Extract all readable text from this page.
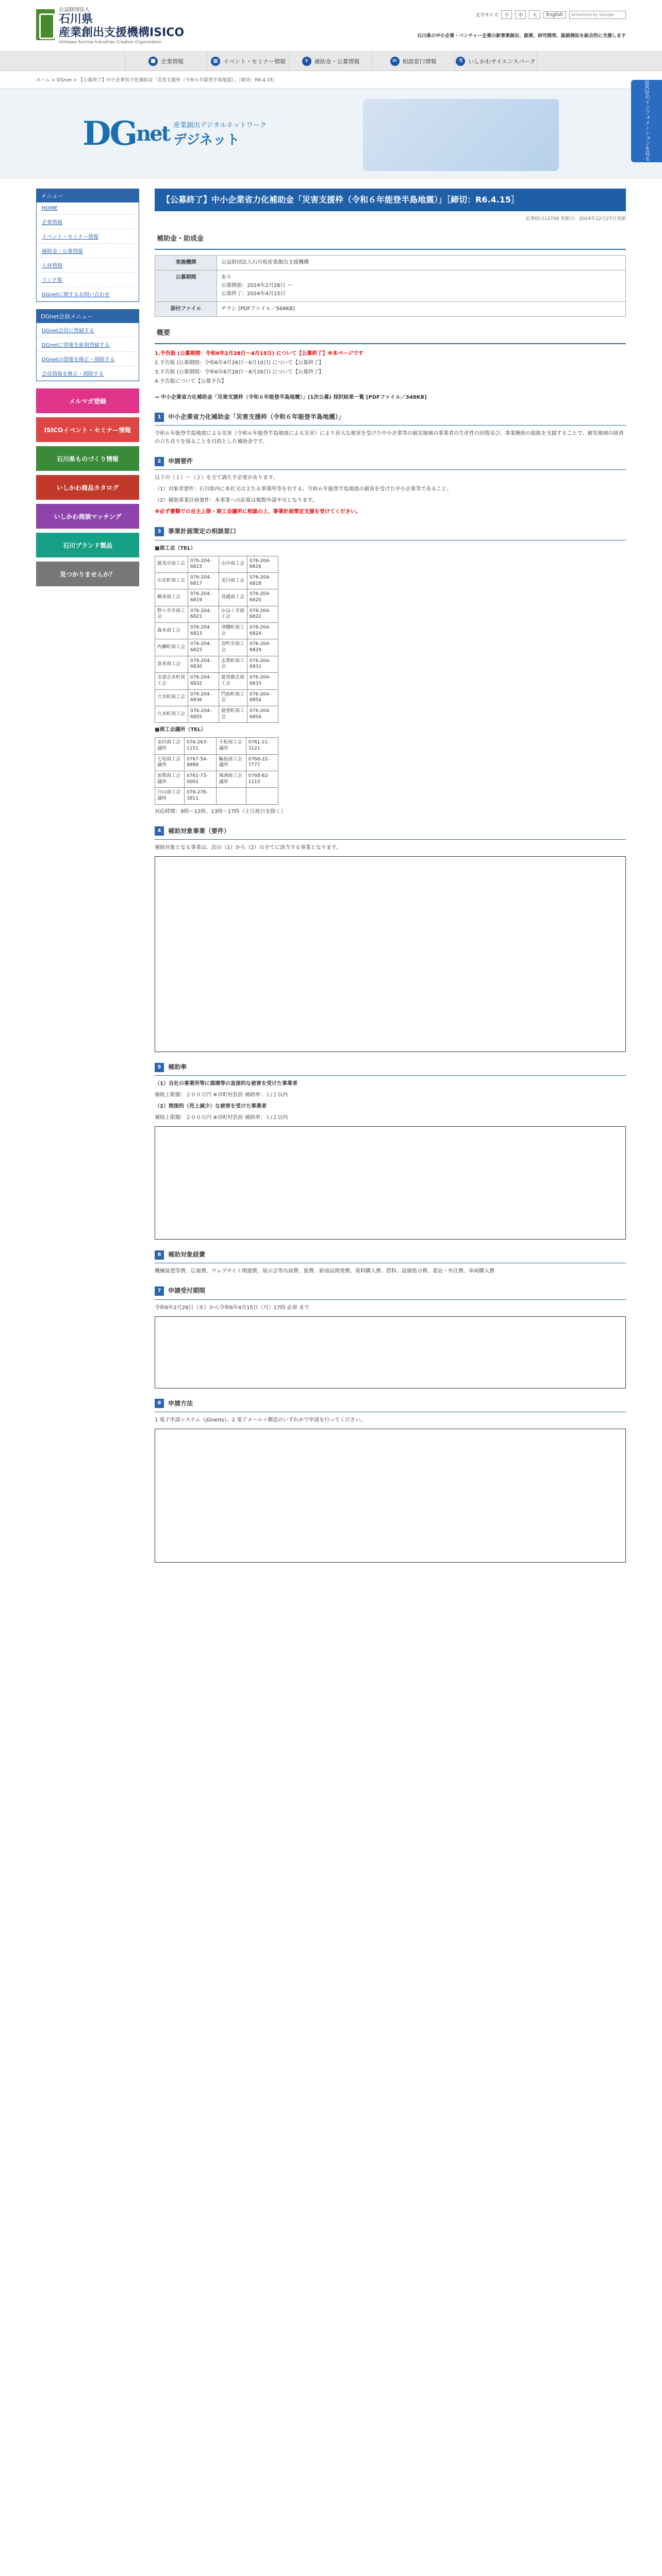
公益財団法人
石川県
産業創出支援機構ISICO
Ishikawa Sunrise Industries Creation Organization
文字サイズ	小	中	大	English	enhanced by Google
石川県の中小企業・ベンチャー企業の新事業創出、創業、研究開発、販路開拓を総合的に支援します
■ 企業情報	▦ イベント・セミナー情報	¥	補助金・公募情報	✉ 相談窓口情報	⚗ いしかわサイエンスパーク
ホーム > DGnet > 【公募終了】中小企業省力化補助金「災害支援枠（令和６年能登半島地震）」［締切：R6.4.15］
DG net 産業創出デジタルネットワーク
デジネット	ISICOのインフォメーションを見る
メニュー
HOME
企業情報
イベント・セミナー情報
補助金・公募情報
人材情報
リンク集
DGnetに関するお問い合わせ
DGnet会員メニュー
DGnet会員に登録する
DGnetに情報を新規登録する
DGnetの情報を修正・削除する
会員情報を修正・削除する
メルマガ登録
ISICOイベント・セミナー情報
石川県ものづくり情報
いしかわ商品カタログ
いしかわ商談マッチング
石川ブランド製品
見つかりませんか？
【公募終了】中小企業省力化補助金「災害支援枠（令和６年能登半島地震）」［締切：R6.4.15］
記事ID:112749 更新日：2024年12月27日更新
補助金・助成金
実施機関	公益財団法人石川県産業創出支援機構
公募期間	あり
公募開始：2024年2月28日 〜
公募終了：2024年4月15日
添付ファイル	チラシ [PDFファイル／568KB]
概要
1.予告版 (公募期間：令和6年2月28日〜4月15日) について【公募終了】※本ページです
2.予告版 (公募期間：令和6年4月26日〜6月10日) について【公募終了】
3.予告版 (公募期間：令和6年6月28日〜8月26日) について【公募終了】
4.予告版について【公募予告】
→ 中小企業省力化補助金「災害支援枠（令和６年能登半島地震）」(1次公募) 採択結果一覧 [PDFファイル／348KB]
1	中小企業省力化補助金「災害支援枠（令和６年能登半島地震）」
令和６年能登半島地震による災害（令和６年能登半島地震による災害）により甚大な被害を受けた中小企業等の被災地域の事業者の生産性の回復及び、事業継続の取組を支援することで、被災地域の経済の立ち直りを図ることを目的とした補助金です。
2	申請要件
以下の（１）〜（２）を全て満たす必要があります。
（1）対象者要件：石川県内に本社又は主たる事業所等を有する、令和６年能登半島地震の被害を受けた中小企業等であること。
（2）補助事業計画要件：本事業への応募は複数申請不可となります。
※必ず書類での自主上限・商工会議所に相談の上、事業計画策定支援を受けてください。
3	事業計画策定の相談窓口
■商工会（TEL）
能美市商工会	076-204-6815	山中商工会	076-204-6816
川北町商工会	076-204-6817	美川商工会	076-204-6818
鶴来商工会	076-204-6819	鳥越商工会	076-204-6820
野々市市商工会	076-204-6821	かほく市商工会	076-204-6822
森本商工会	076-204-6823	津幡町商工会	076-204-6824
内灘町商工会	076-204-6825	羽咋市商工会	076-204-6829
富来商工会	076-204-6830	志賀町商工会	076-204-6831
宝達志水町商工会	076-204-6832	能登鹿北商工会	076-204-6833
穴水町商工会	076-204-6836	門前町商工会	076-204-6854
穴水町商工会	076-204-6855	能登町商工会	076-204-6856
■商工会議所（TEL）
金沢商工会議所	076-263-1151	小松商工会議所	0761-21-3121
七尾商工会議所	0767-54-8888	輪島商工会議所	0768-22-7777
加賀商工会議所	0761-73-0001	珠洲商工会議所	0768-82-1115
白山商工会議所	076-276-3811		
対応時間：9時〜12時、13時〜17時（土日祝日を除く）
4	補助対象事業（要件）
補助対象となる事業は、次の（1）から（2）の全てに該当する事業となります。
5	補助率
（1）自社の事業所等に損壊等の直接的な被害を受けた事業者
補助上限額：２００万円 ※市町村負担 補助率：１/２以内
（2）間接的（売上減少）な被害を受けた事業者
補助上限額：２００万円 ※市町村負担 補助率：１/２以内
6	補助対象経費
機械装置等費、広報費、ウェブサイト関連費、展示会等出展費、旅費、新商品開発費、資料購入費、借料、設備処分費、委託・外注費、車両購入費
7	申請受付期間
令和6年2月28日（水）から令和6年4月15日（月）17時 必着 まで
8	申請方法
1 電子申請システム（jGrants）、2 電子メール＋郵送のいずれかで申請を行ってください。
